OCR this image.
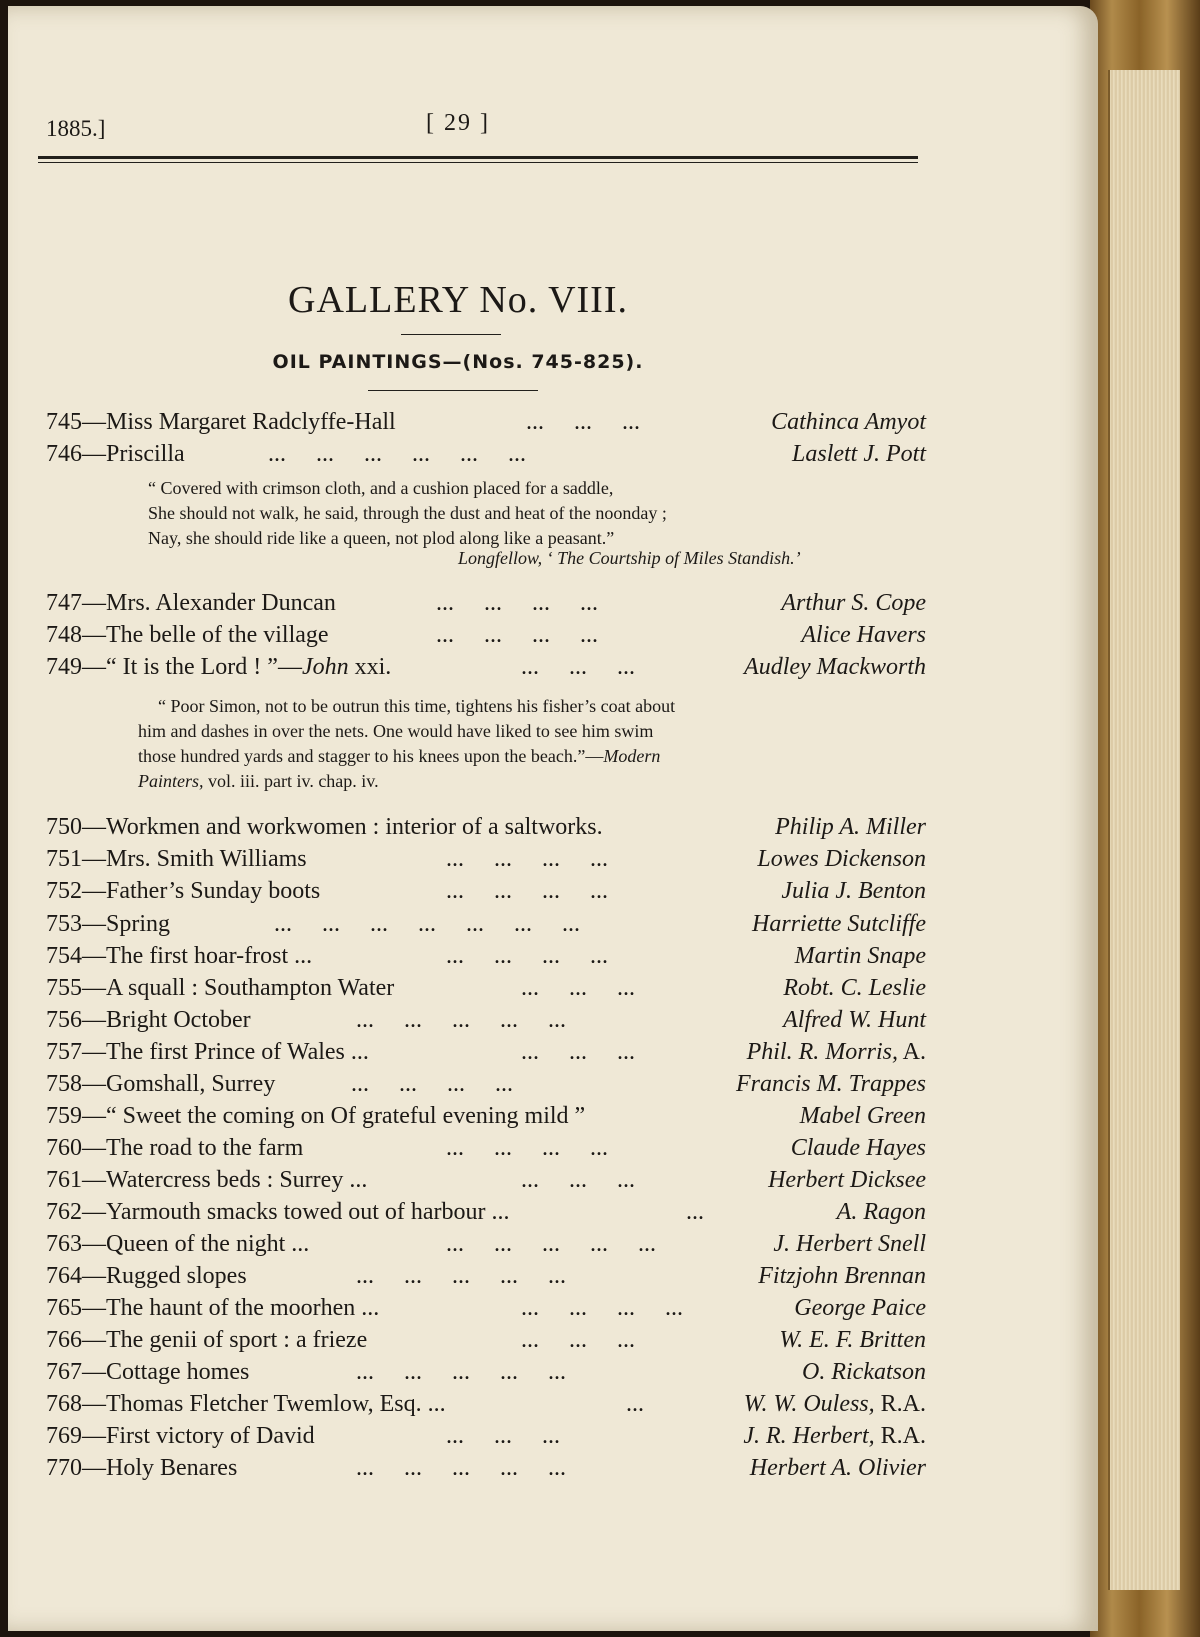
1885.]	[ 29 ]
GALLERY No. VIII.
OIL PAINTINGS—(Nos. 745-825).
745—Miss Margaret Radclyffe-Hall	...     ...     ...	Cathinca Amyot
746—Priscilla	...     ...     ...     ...     ...     ...	Laslett J. Pott
“ Covered with crimson cloth, and a cushion placed for a saddle,
She should not walk, he said, through the dust and heat of the noonday ;
Nay, she should ride like a queen, not plod along like a peasant.”
Longfellow, ‘ The Courtship of Miles Standish.’
747—Mrs. Alexander Duncan	...     ...     ...     ...	Arthur S. Cope
748—The belle of the village	...     ...     ...     ...	Alice Havers
749—“ It is the Lord ! ”—John xxi.	...     ...     ...	Audley Mackworth
“ Poor Simon, not to be outrun this time, tightens his fisher’s coat about
him and dashes in over the nets. One would have liked to see him swim
those hundred yards and stagger to his knees upon the beach.”—Modern
Painters, vol. iii. part iv. chap. iv.
750—Workmen and workwomen : interior of a saltworks.	Philip A. Miller
751—Mrs. Smith Williams	...     ...     ...     ...	Lowes Dickenson
752—Father’s Sunday boots	...     ...     ...     ...	Julia J. Benton
753—Spring	...     ...     ...     ...     ...     ...     ...	Harriette Sutcliffe
754—The first hoar-frost ...	...     ...     ...     ...	Martin Snape
755—A squall : Southampton Water	...     ...     ...	Robt. C. Leslie
756—Bright October	...     ...     ...     ...     ...	Alfred W. Hunt
757—The first Prince of Wales ...	...     ...     ...	Phil. R. Morris, A.
758—Gomshall, Surrey	...     ...     ...     ...	Francis M. Trappes
759—“ Sweet the coming on Of grateful evening mild ”	Mabel Green
760—The road to the farm	...     ...     ...     ...	Claude Hayes
761—Watercress beds : Surrey ...	...     ...     ...	Herbert Dicksee
762—Yarmouth smacks towed out of harbour ...	...	A. Ragon
763—Queen of the night ...	...     ...     ...     ...     ...	J. Herbert Snell
764—Rugged slopes	...     ...     ...     ...     ...	Fitzjohn Brennan
765—The haunt of the moorhen ...	...     ...     ...     ...	George Paice
766—The genii of sport : a frieze	...     ...     ...	W. E. F. Britten
767—Cottage homes	...     ...     ...     ...     ...	O. Rickatson
768—Thomas Fletcher Twemlow, Esq. ...	...	W. W. Ouless, R.A.
769—First victory of David	...     ...     ...	J. R. Herbert, R.A.
770—Holy Benares	...     ...     ...     ...     ...	Herbert A. Olivier
